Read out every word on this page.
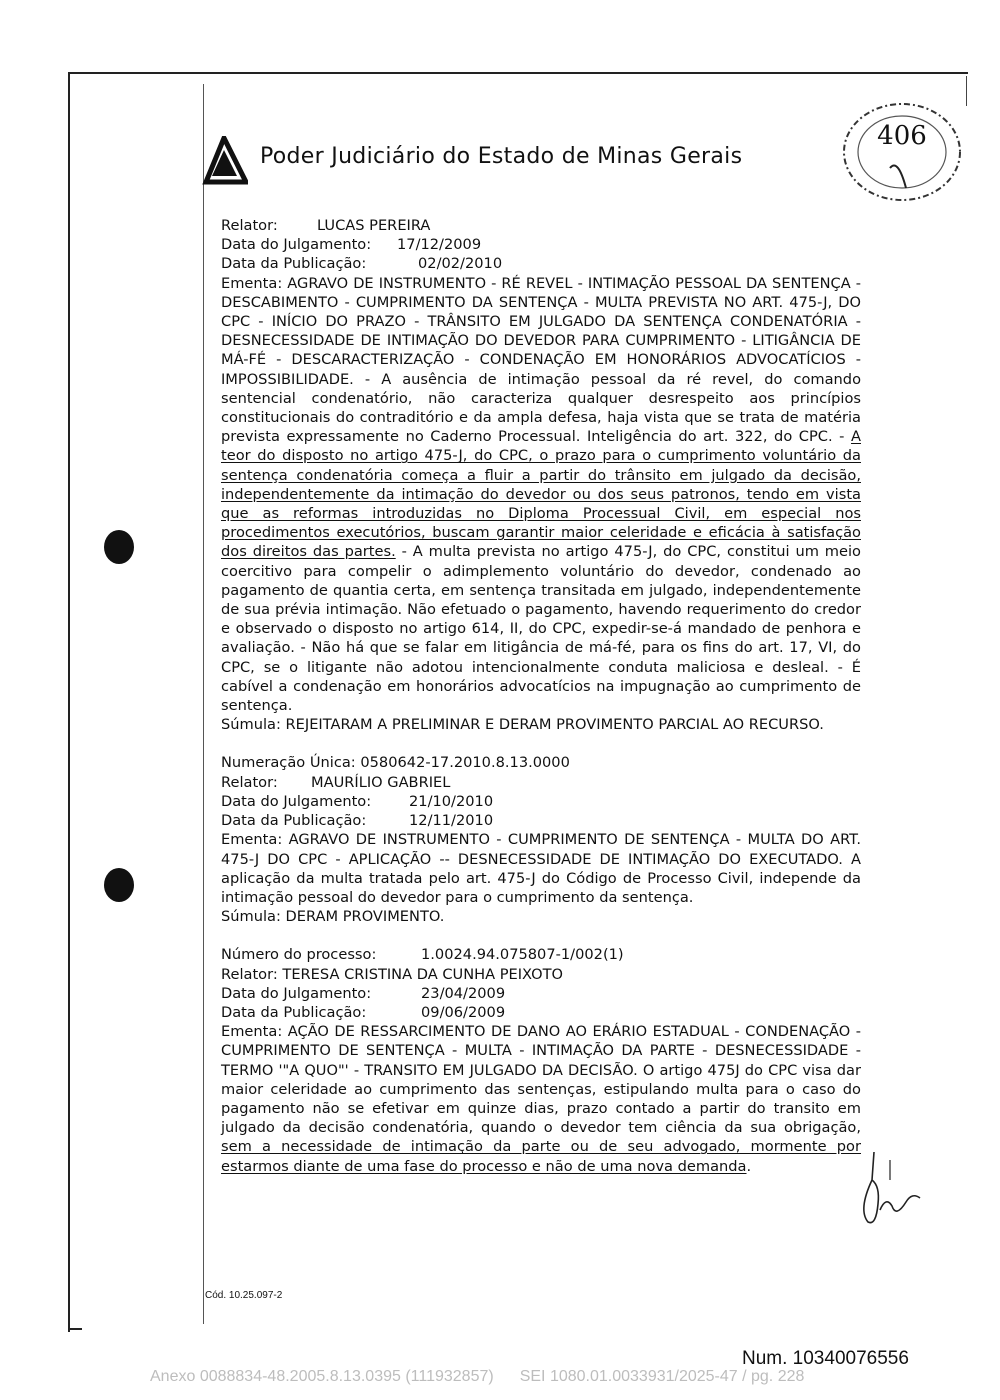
Poder Judiciário do Estado de Minas Gerais
406

Relator:	LUCAS PEREIRA

Data do Julgamento: 17/12/2009

Data da Publicação:	02/02/2010

Ementa: AGRAVO DE INSTRUMENTO - RÉ REVEL - INTIMAÇÃO PESSOAL DA SENTENÇA - DESCABIMENTO - CUMPRIMENTO DA SENTENÇA - MULTA PREVISTA NO ART. 475-J, DO CPC - INÍCIO DO PRAZO - TRÂNSITO EM JULGADO DA SENTENÇA CONDENATÓRIA - DESNECESSIDADE DE INTIMAÇÃO DO DEVEDOR PARA CUMPRIMENTO - LITIGÂNCIA DE MÁ-FÉ - DESCARACTERIZAÇÃO - CONDENAÇÃO EM HONORÁRIOS ADVOCATÍCIOS - IMPOSSIBILIDADE. - A ausência de intimação pessoal da ré revel, do comando sentencial condenatório, não caracteriza qualquer desrespeito aos princípios constitucionais do contraditório e da ampla defesa, haja vista que se trata de matéria prevista expressamente no Caderno Processual. Inteligência do art. 322, do CPC. - A teor do disposto no artigo 475-J, do CPC, o prazo para o cumprimento voluntário da sentença condenatória começa a fluir a partir do trânsito em julgado da decisão, independentemente da intimação do devedor ou dos seus patronos, tendo em vista que as reformas introduzidas no Diploma Processual Civil, em especial nos procedimentos executórios, buscam garantir maior celeridade e eficácia à satisfação dos direitos das partes. - A multa prevista no artigo 475-J, do CPC, constitui um meio coercitivo para compelir o adimplemento voluntário do devedor, condenado ao pagamento de quantia certa, em sentença transitada em julgado, independentemente de sua prévia intimação. Não efetuado o pagamento, havendo requerimento do credor e observado o disposto no artigo 614, II, do CPC, expedir-se-á mandado de penhora e avaliação. - Não há que se falar em litigância de má-fé, para os fins do art. 17, VI, do CPC, se o litigante não adotou intencionalmente conduta maliciosa e desleal. - É cabível a condenação em honorários advocatícios na impugnação ao cumprimento de sentença.

Súmula: REJEITARAM A PRELIMINAR E DERAM PROVIMENTO PARCIAL AO RECURSO.

Numeração Única: 0580642-17.2010.8.13.0000

Relator: MAURÍLIO GABRIEL

Data do Julgamento:	21/10/2010

Data da Publicação:	12/11/2010

Ementa: AGRAVO DE INSTRUMENTO - CUMPRIMENTO DE SENTENÇA - MULTA DO ART. 475-J DO CPC - APLICAÇÃO -- DESNECESSIDADE DE INTIMAÇÃO DO EXECUTADO. A aplicação da multa tratada pelo art. 475-J do Código de Processo Civil, independe da intimação pessoal do devedor para o cumprimento da sentença.

Súmula: DERAM PROVIMENTO.

Número do processo:	1.0024.94.075807-1/002(1)

Relator: TERESA CRISTINA DA CUNHA PEIXOTO

Data do Julgamento:	23/04/2009

Data da Publicação:	09/06/2009

Ementa: AÇÃO DE RESSARCIMENTO DE DANO AO ERÁRIO ESTADUAL - CONDENAÇÃO - CUMPRIMENTO DE SENTENÇA - MULTA - INTIMAÇÃO DA PARTE - DESNECESSIDADE - TERMO '"A QUO"' - TRANSITO EM JULGADO DA DECISÃO. O artigo 475J do CPC visa dar maior celeridade ao cumprimento das sentenças, estipulando multa para o caso do pagamento não se efetivar em quinze dias, prazo contado a partir do transito em julgado da decisão condenatória, quando o devedor tem ciência da sua obrigação, sem a necessidade de intimação da parte ou de seu advogado, mormente por estarmos diante de uma fase do processo e não de uma nova demanda.

Cód. 10.25.097-2
Num. 10340076556
Anexo 0088834-48.2005.8.13.0395 (111932857) SEI 1080.01.0033931/2025-47 / pg. 228
